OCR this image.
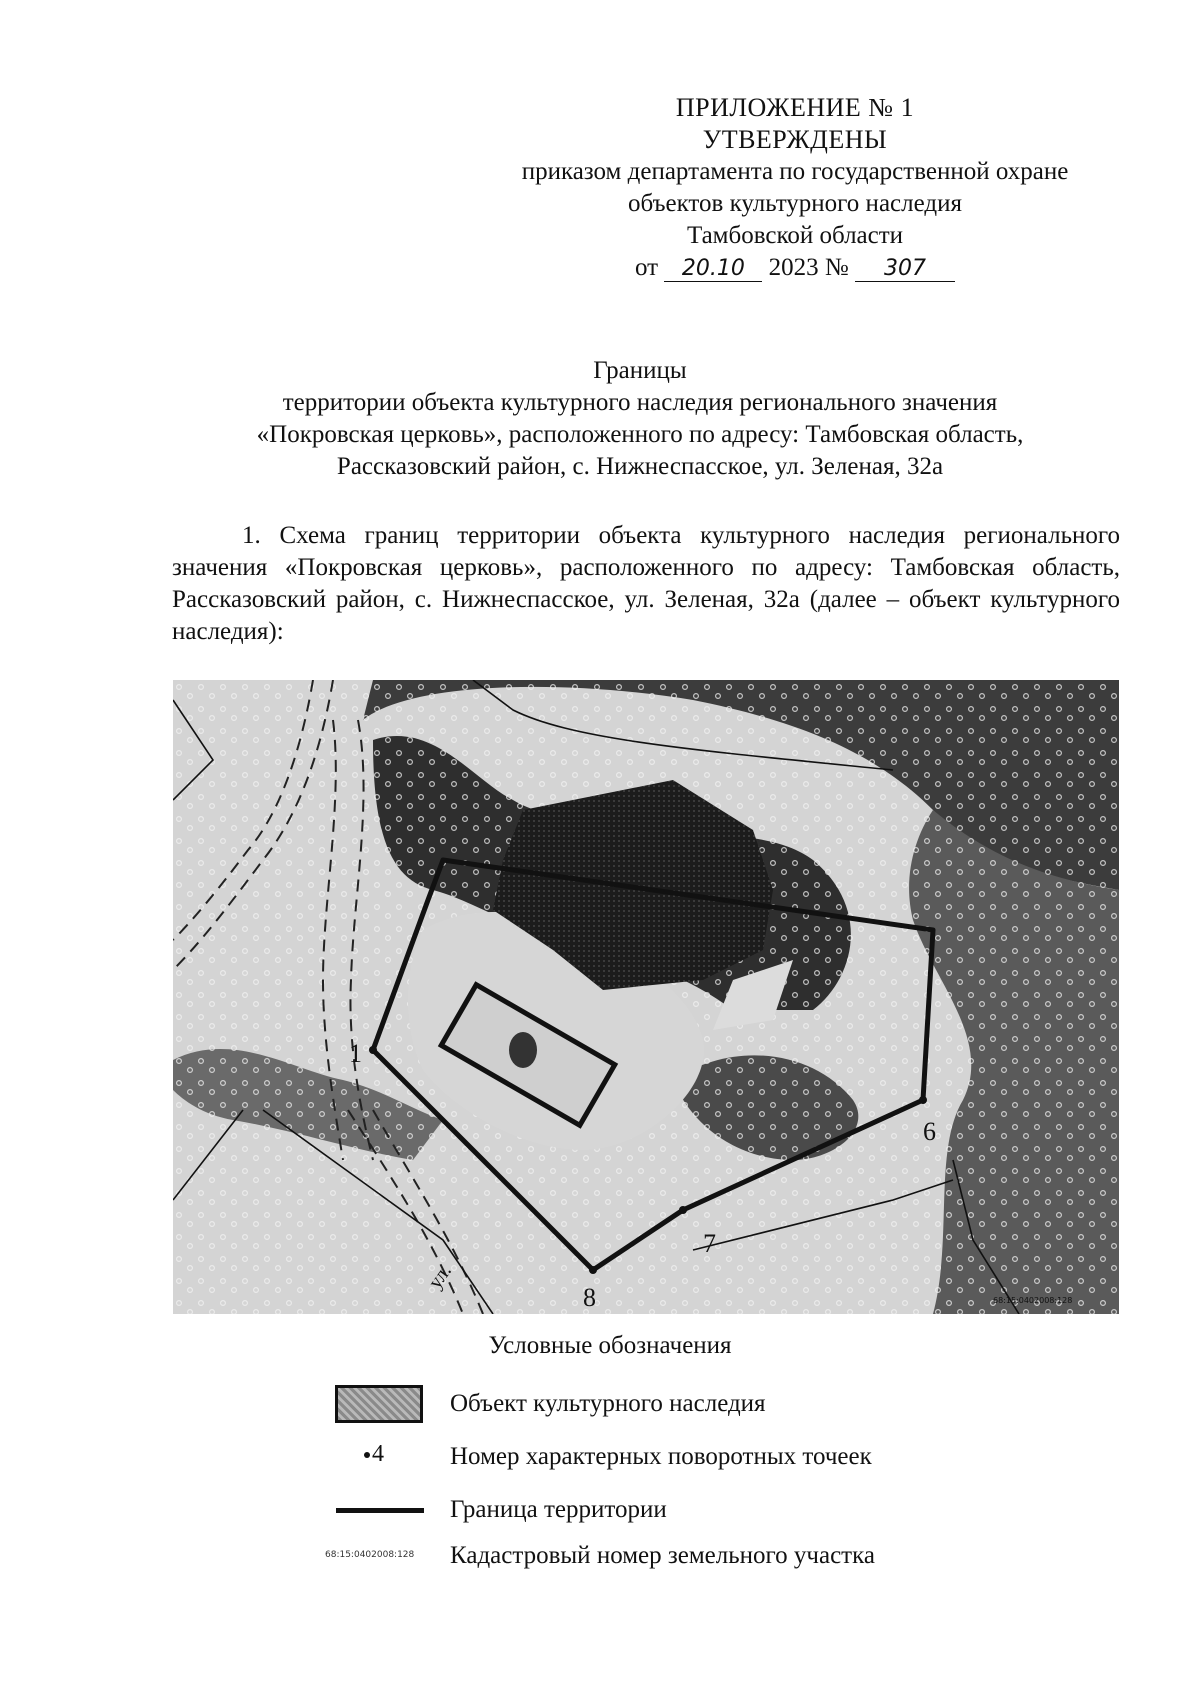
ПРИЛОЖЕНИЕ № 1
УТВЕРЖДЕНЫ
приказом департамента по государственной охране
объектов культурного наследия
Тамбовской области
от 20.10 2023 № 307
Границы
территории объекта культурного наследия регионального значения
«Покровская церковь», расположенного по адресу: Тамбовская область,
Рассказовский район, с. Нижнеспасское, ул. Зеленая, 32а
1. Схема границ территории объекта культурного наследия регионального значения «Покровская церковь», расположенного по адресу: Тамбовская область, Рассказовский район, с. Нижнеспасское, ул. Зеленая, 32а (далее – объект культурного наследия):
1
6
7
8
ул.
68:15:0402008:128
Условные обозначения
Объект культурного наследия
4	Номер характерных поворотных точеек
Граница территории
68:15:0402008:128 Кадастровый номер земельного участка
